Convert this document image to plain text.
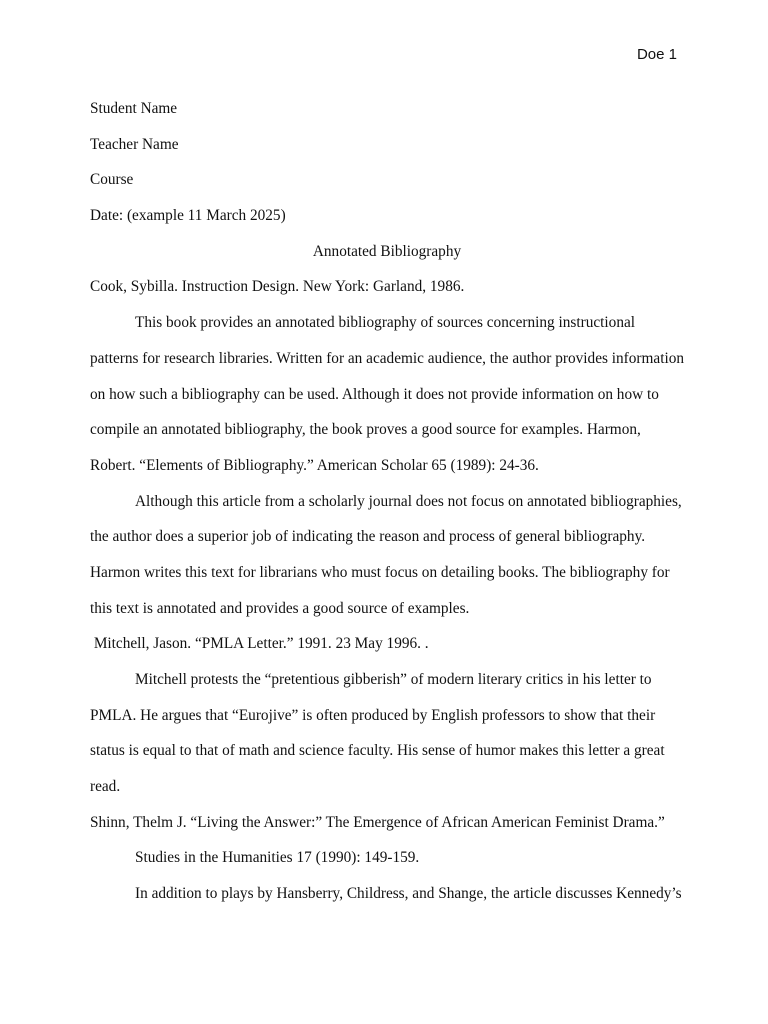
Doe 1
Student Name
Teacher Name
Course
Date: (example 11 March 2025)
Annotated Bibliography
Cook, Sybilla. Instruction Design. New York: Garland, 1986.
This book provides an annotated bibliography of sources concerning instructional
patterns for research libraries. Written for an academic audience, the author provides information
on how such a bibliography can be used. Although it does not provide information on how to
compile an annotated bibliography, the book proves a good source for examples. Harmon,
Robert. “Elements of Bibliography.” American Scholar 65 (1989): 24-36.
Although this article from a scholarly journal does not focus on annotated bibliographies,
the author does a superior job of indicating the reason and process of general bibliography.
Harmon writes this text for librarians who must focus on detailing books. The bibliography for
this text is annotated and provides a good source of examples.
Mitchell, Jason. “PMLA Letter.” 1991. 23 May 1996. .
Mitchell protests the “pretentious gibberish” of modern literary critics in his letter to
PMLA. He argues that “Eurojive” is often produced by English professors to show that their
status is equal to that of math and science faculty. His sense of humor makes this letter a great
read.
Shinn, Thelm J. “Living the Answer:” The Emergence of African American Feminist Drama.”
Studies in the Humanities 17 (1990): 149-159.
In addition to plays by Hansberry, Childress, and Shange, the article discusses Kennedy’s
